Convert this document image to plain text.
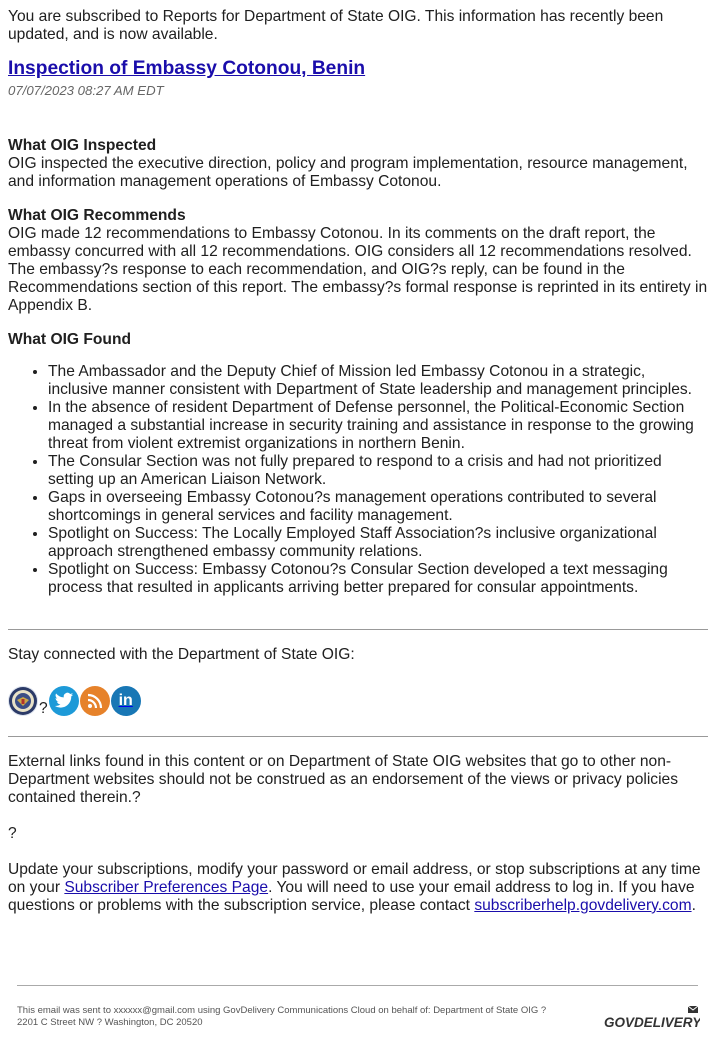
You are subscribed to Reports for Department of State OIG. This information has recently been updated, and is now available.

Inspection of Embassy Cotonou, Benin
07/07/2023 08:27 AM EDT

What OIG Inspected

OIG inspected the executive direction, policy and program implementation, resource management, and information management operations of Embassy Cotonou.

What OIG Recommends

OIG made 12 recommendations to Embassy Cotonou. In its comments on the draft report, the embassy concurred with all 12 recommendations. OIG considers all 12 recommendations resolved. The embassy?s response to each recommendation, and OIG?s reply, can be found in the Recommendations section of this report. The embassy?s formal response is reprinted in its entirety in Appendix B.

What OIG Found

• The Ambassador and the Deputy Chief of Mission led Embassy Cotonou in a strategic, inclusive manner consistent with Department of State leadership and management principles.
• In the absence of resident Department of Defense personnel, the Political-Economic Section managed a substantial increase in security training and assistance in response to the growing threat from violent extremist organizations in northern Benin.
• The Consular Section was not fully prepared to respond to a crisis and had not prioritized setting up an American Liaison Network.
• Gaps in overseeing Embassy Cotonou?s management operations contributed to several shortcomings in general services and facility management.
• Spotlight on Success: The Locally Employed Staff Association?s inclusive organizational approach strengthened embassy community relations.
• Spotlight on Success: Embassy Cotonou?s Consular Section developed a text messaging process that resulted in applicants arriving better prepared for consular appointments.

Stay connected with the Department of State OIG:

?	in

External links found in this content or on Department of State OIG websites that go to other non-Department websites should not be construed as an endorsement of the views or privacy policies contained therein.?

?

Update your subscriptions, modify your password or email address, or stop subscriptions at any time on your Subscriber Preferences Page. You will need to use your email address to log in. If you have questions or problems with the subscription service, please contact subscriberhelp.govdelivery.com.

This email was sent to xxxxxx@gmail.com using GovDelivery Communications Cloud on behalf of: Department of State OIG ?
2201 C Street NW ? Washington, DC 20520	GOVDELIVERY
